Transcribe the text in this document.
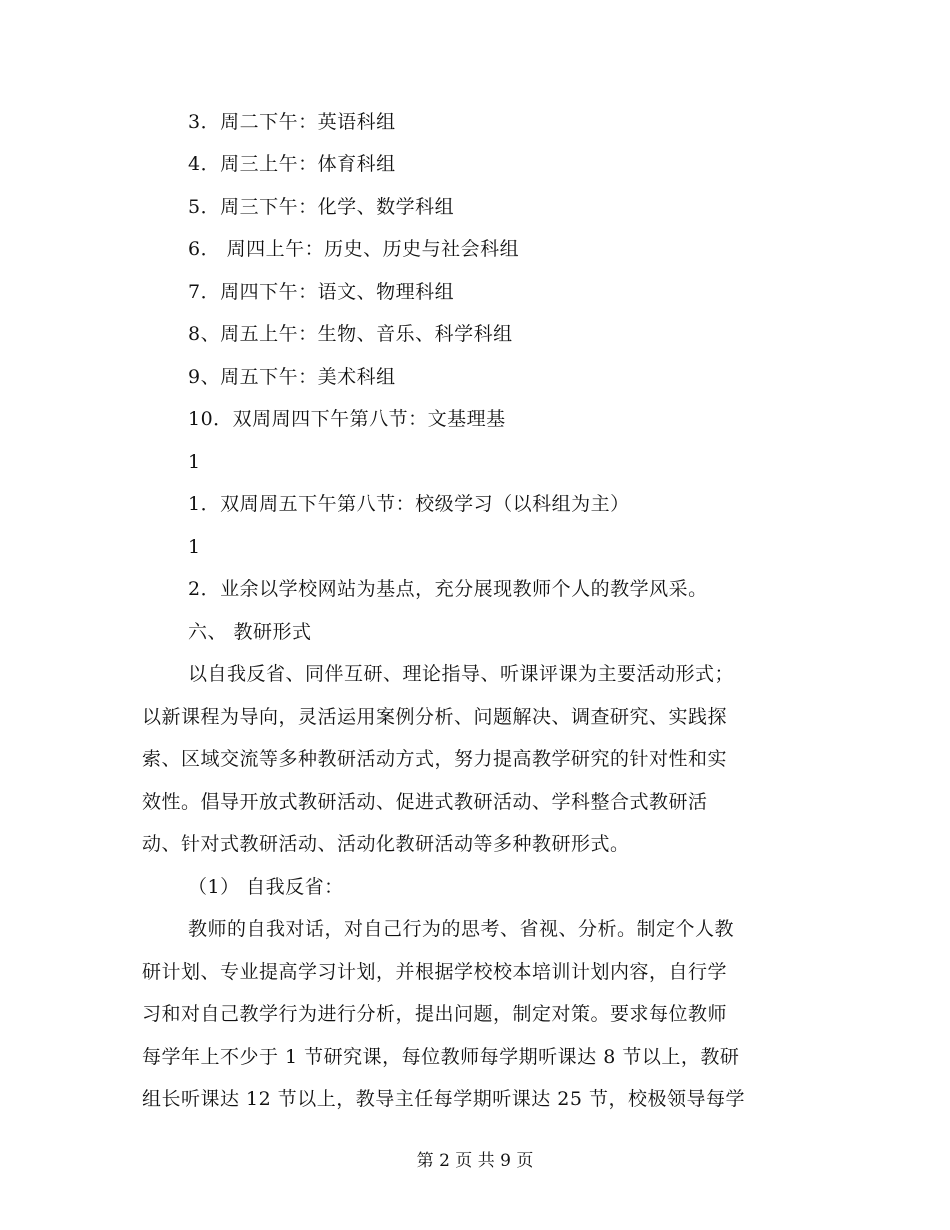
3．周二下午：英语科组
4．周三上午：体育科组
5．周三下午：化学、数学科组
6． 周四上午：历史、历史与社会科组
7．周四下午：语文、物理科组
8、周五上午：生物、音乐、科学科组
9、周五下午：美术科组
10．双周周四下午第八节：文基理基
1
1．双周周五下午第八节：校级学习（以科组为主）
1
2．业余以学校网站为基点，充分展现教师个人的教学风采。
六、 教研形式
以自我反省、同伴互研、理论指导、听课评课为主要活动形式；
以新课程为导向，灵活运用案例分析、问题解决、调查研究、实践探
索、区域交流等多种教研活动方式，努力提高教学研究的针对性和实
效性。倡导开放式教研活动、促进式教研活动、学科整合式教研活
动、针对式教研活动、活动化教研活动等多种教研形式。
（1） 自我反省：
教师的自我对话，对自己行为的思考、省视、分析。制定个人教
研计划、专业提高学习计划，并根据学校校本培训计划内容，自行学
习和对自己教学行为进行分析，提出问题，制定对策。要求每位教师
每学年上不少于 1 节研究课，每位教师每学期听课达 8 节以上，教研
组长听课达 12 节以上，教导主任每学期听课达 25 节，校极领导每学
第 2 页 共 9 页
